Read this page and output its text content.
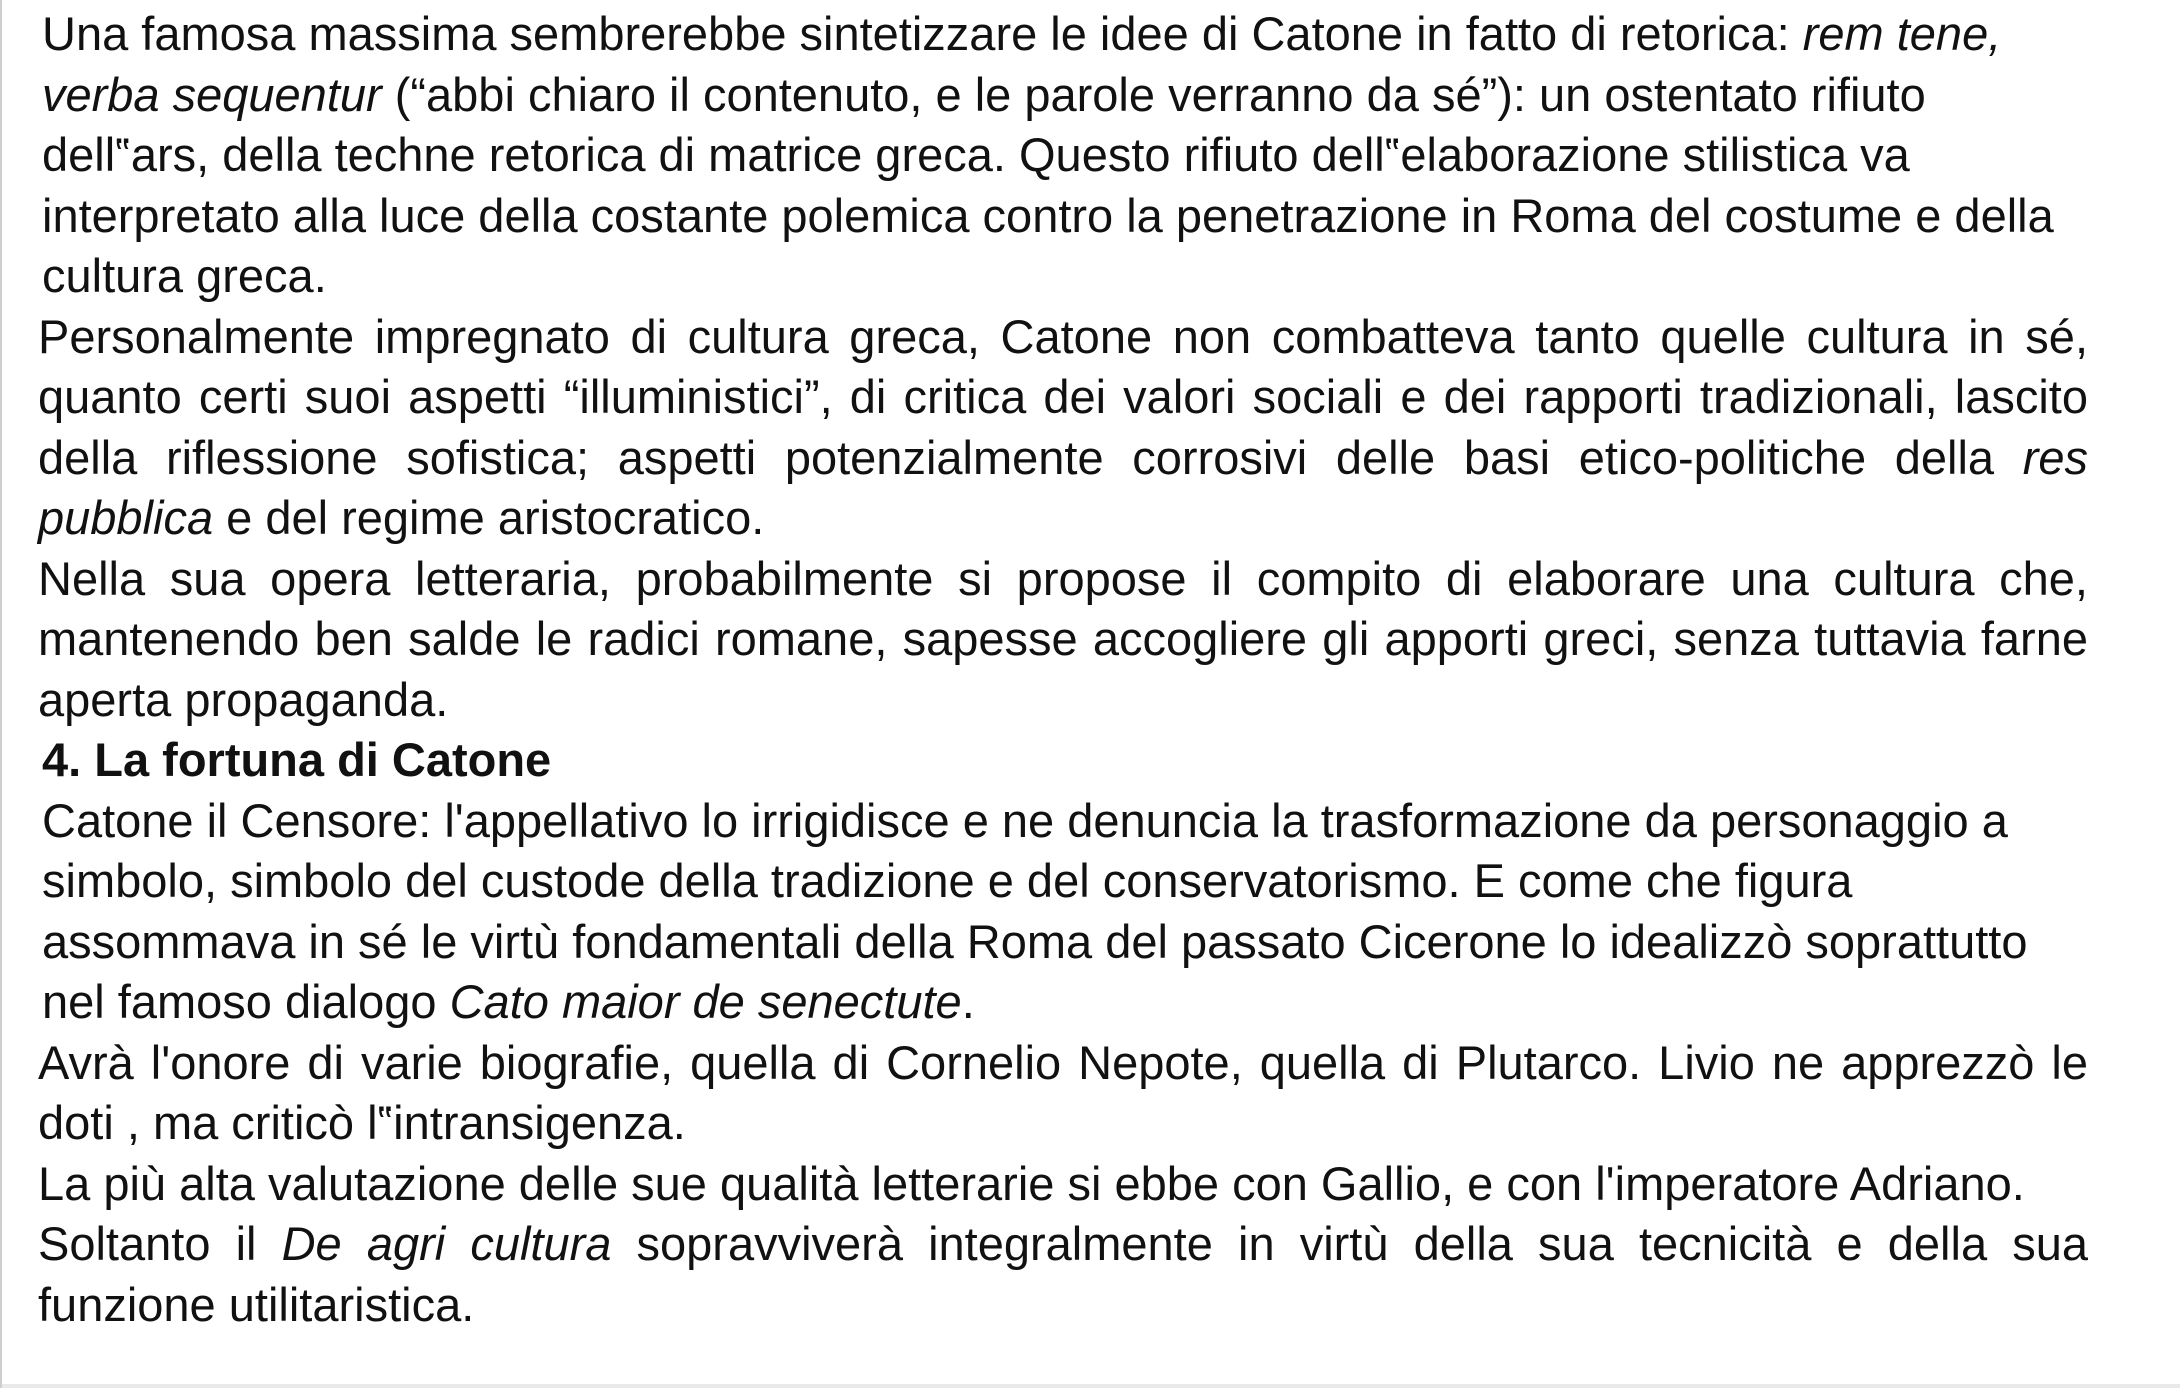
Una famosa massima sembrerebbe sintetizzare le idee di Catone in fatto di retorica: rem tene, verba sequentur (“abbi chiaro il contenuto, e le parole verranno da sé”): un ostentato rifiuto dell‟ars, della techne retorica di matrice greca. Questo rifiuto dell‟elaborazione stilistica va interpretato alla luce della costante polemica contro la penetrazione in Roma del costume e della cultura greca.

Personalmente impregnato di cultura greca, Catone non combatteva tanto quelle cultura in sé, quanto certi suoi aspetti “illuministici”, di critica dei valori sociali e dei rapporti tradizionali, lascito della riflessione sofistica; aspetti potenzialmente corrosivi delle basi etico-politiche della res pubblica e del regime aristocratico.

Nella sua opera letteraria, probabilmente si propose il compito di elaborare una cultura che, mantenendo ben salde le radici romane, sapesse accogliere gli apporti greci, senza tuttavia farne aperta propaganda.

4. La fortuna di Catone

Catone il Censore: l'appellativo lo irrigidisce e ne denuncia la trasformazione da personaggio a simbolo, simbolo del custode della tradizione e del conservatorismo. E come che figura assommava in sé le virtù fondamentali della Roma del passato Cicerone lo idealizzò soprattutto nel famoso dialogo Cato maior de senectute.

Avrà l'onore di varie biografie, quella di Cornelio Nepote, quella di Plutarco. Livio ne apprezzò le doti , ma criticò l‟intransigenza.

La più alta valutazione delle sue qualità letterarie si ebbe con Gallio, e con l'imperatore Adriano.

Soltanto il De agri cultura sopravviverà integralmente in virtù della sua tecnicità e della sua funzione utilitaristica.
